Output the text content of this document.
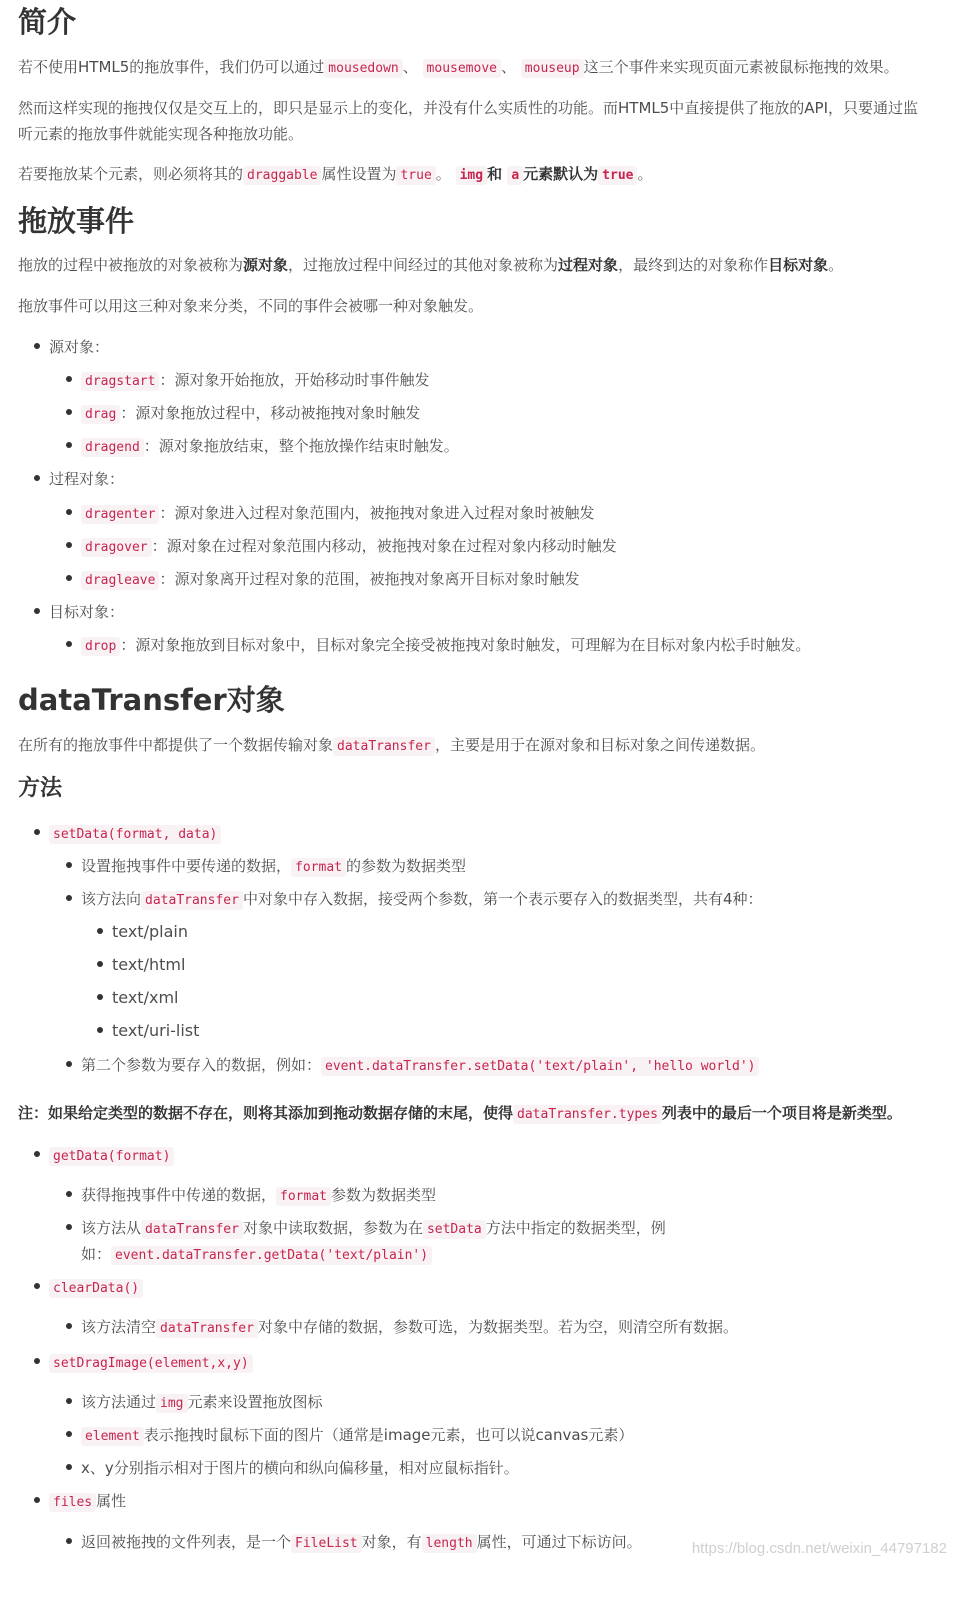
简介

若不使用HTML5的拖放事件，我们仍可以通过 mousedown 、 mousemove 、 mouseup 这三个事件来实现页面元素被鼠标拖拽的效果。

然而这样实现的拖拽仅仅是交互上的，即只是显示上的变化，并没有什么实质性的功能。而HTML5中直接提供了拖放的API，只要通过监

听元素的拖放事件就能实现各种拖放功能。

若要拖放某个元素，则必须将其的 draggable 属性设置为 true 。 img 和 a 元素默认为 true 。

拖放事件

拖放的过程中被拖放的对象被称为源对象，过拖放过程中间经过的其他对象被称为过程对象，最终到达的对象称作目标对象。

拖放事件可以用这三种对象来分类，不同的事件会被哪一种对象触发。

源对象：
dragstart ：源对象开始拖放，开始移动时事件触发
drag ：源对象拖放过程中，移动被拖拽对象时触发
dragend ：源对象拖放结束，整个拖放操作结束时触发。
过程对象：
dragenter ：源对象进入过程对象范围内，被拖拽对象进入过程对象时被触发
dragover ：源对象在过程对象范围内移动，被拖拽对象在过程对象内移动时触发
dragleave ：源对象离开过程对象的范围，被拖拽对象离开目标对象时触发
目标对象：
drop ：源对象拖放到目标对象中，目标对象完全接受被拖拽对象时触发，可理解为在目标对象内松手时触发。
dataTransfer对象

在所有的拖放事件中都提供了一个数据传输对象 dataTransfer ，主要是用于在源对象和目标对象之间传递数据。

方法
setData(format, data)
设置拖拽事件中要传递的数据， format 的参数为数据类型
该方法向 dataTransfer 中对象中存入数据，接受两个参数，第一个表示要存入的数据类型，共有4种：
text/plain
text/html
text/xml
text/uri-list
第二个参数为要存入的数据，例如： event.dataTransfer.setData('text/plain', 'hello world')

注：如果给定类型的数据不存在，则将其添加到拖动数据存储的末尾，使得 dataTransfer.types 列表中的最后一个项目将是新类型。

getData(format)
获得拖拽事件中传递的数据， format 参数为数据类型
该方法从 dataTransfer 对象中读取数据，参数为在 setData 方法中指定的数据类型，例
如： event.dataTransfer.getData('text/plain')
clearData()
该方法清空 dataTransfer 对象中存储的数据，参数可选，为数据类型。若为空，则清空所有数据。
setDragImage(element,x,y)
该方法通过 img 元素来设置拖放图标
element 表示拖拽时鼠标下面的图片（通常是image元素，也可以说canvas元素）
x、y分别指示相对于图片的横向和纵向偏移量，相对应鼠标指针。
files 属性
返回被拖拽的文件列表，是一个 FileList 对象，有 length 属性，可通过下标访问。	https://blog.csdn.net/weixin_44797182
